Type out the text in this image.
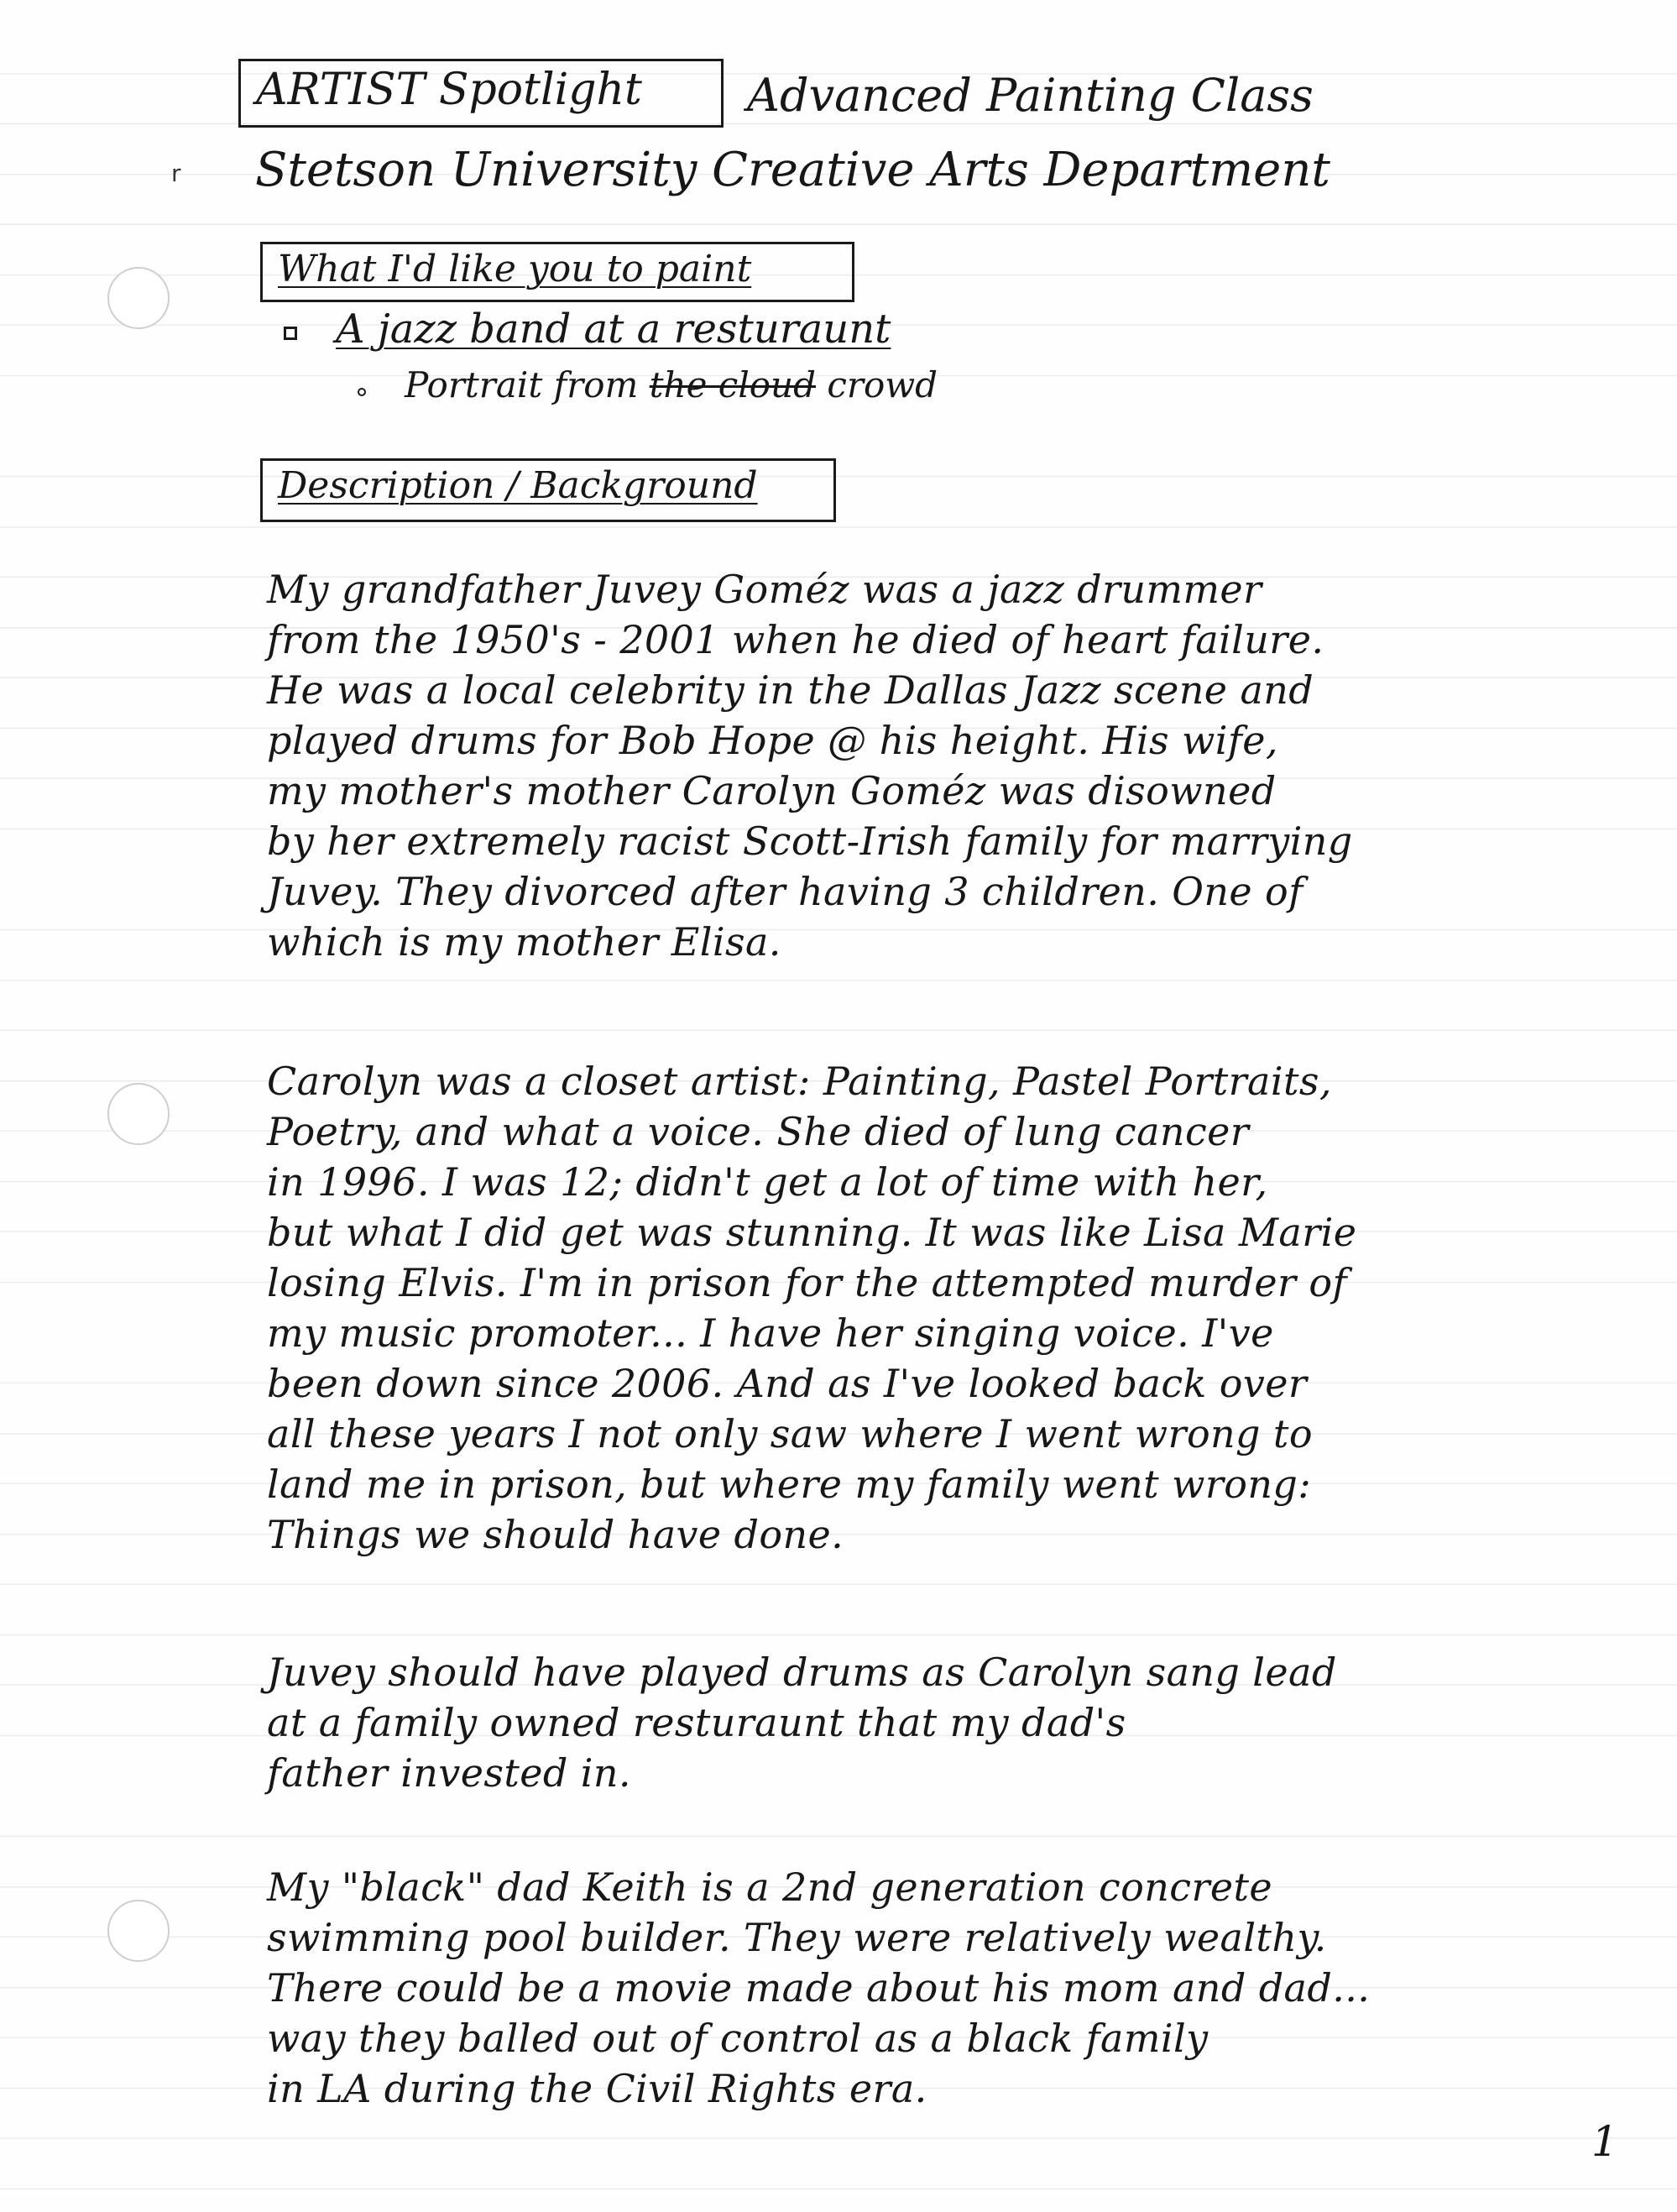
ARTIST Spotlight	Advanced Painting Class
r Stetson University Creative Arts Department
What I'd like you to paint
A jazz band at a resturaunt
Portrait from the cloud crowd
Description / Background
My grandfather Juvey Goméz was a jazz drummer
from the 1950's - 2001 when he died of heart failure.
He was a local celebrity in the Dallas Jazz scene and
played drums for Bob Hope @ his height. His wife,
my mother's mother Carolyn Goméz was disowned
by her extremely racist Scott-Irish family for marrying
Juvey. They divorced after having 3 children. One of
which is my mother Elisa.
Carolyn was a closet artist: Painting, Pastel Portraits,
Poetry, and what a voice. She died of lung cancer
in 1996. I was 12; didn't get a lot of time with her,
but what I did get was stunning. It was like Lisa Marie
losing Elvis. I'm in prison for the attempted murder of
my music promoter... I have her singing voice. I've
been down since 2006. And as I've looked back over
all these years I not only saw where I went wrong to
land me in prison, but where my family went wrong:
Things we should have done.
Juvey should have played drums as Carolyn sang lead
at a family owned resturaunt that my dad's
father invested in.
My "black" dad Keith is a 2nd generation concrete
swimming pool builder. They were relatively wealthy.
There could be a movie made about his mom and dad...
way they balled out of control as a black family
in LA during the Civil Rights era.
1
